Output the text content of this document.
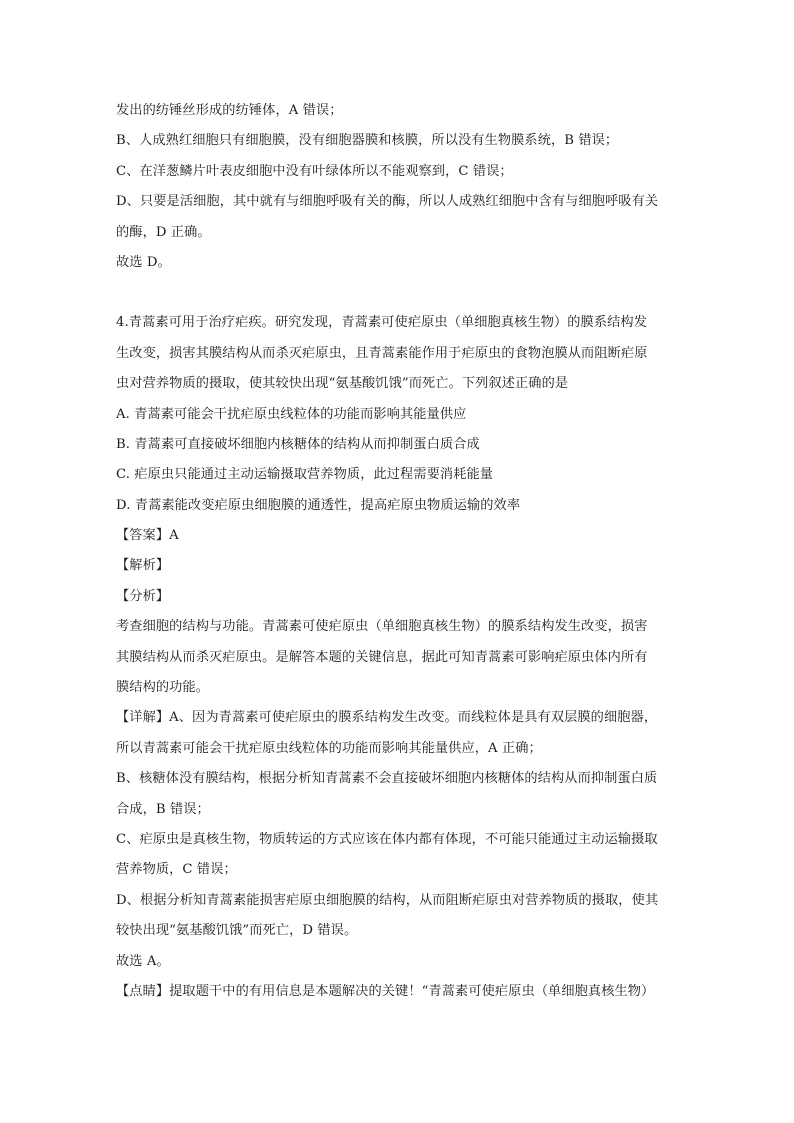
发出的纺锤丝形成的纺锤体，A 错误；
B、人成熟红细胞只有细胞膜，没有细胞器膜和核膜，所以没有生物膜系统，B 错误；
C、在洋葱鳞片叶表皮细胞中没有叶绿体所以不能观察到，C 错误；
D、只要是活细胞，其中就有与细胞呼吸有关的酶，所以人成熟红细胞中含有与细胞呼吸有关
的酶，D 正确。
故选 D。
4.青蒿素可用于治疗疟疾。研究发现，青蒿素可使疟原虫（单细胞真核生物）的膜系结构发
生改变，损害其膜结构从而杀灭疟原虫，且青蒿素能作用于疟原虫的食物泡膜从而阻断疟原
虫对营养物质的摄取，使其较快出现“氨基酸饥饿”而死亡。下列叙述正确的是
A. 青蒿素可能会干扰疟原虫线粒体的功能而影响其能量供应
B. 青蒿素可直接破坏细胞内核糖体的结构从而抑制蛋白质合成
C. 疟原虫只能通过主动运输摄取营养物质，此过程需要消耗能量
D. 青蒿素能改变疟原虫细胞膜的通透性，提高疟原虫物质运输的效率
【答案】A
【解析】
【分析】
考查细胞的结构与功能。青蒿素可使疟原虫（单细胞真核生物）的膜系结构发生改变，损害
其膜结构从而杀灭疟原虫。是解答本题的关键信息，据此可知青蒿素可影响疟原虫体内所有
膜结构的功能。
【详解】A、因为青蒿素可使疟原虫的膜系结构发生改变。而线粒体是具有双层膜的细胞器，
所以青蒿素可能会干扰疟原虫线粒体的功能而影响其能量供应，A 正确；
B、核糖体没有膜结构，根据分析知青蒿素不会直接破坏细胞内核糖体的结构从而抑制蛋白质
合成，B 错误；
C、疟原虫是真核生物，物质转运的方式应该在体内都有体现，不可能只能通过主动运输摄取
营养物质，C 错误；
D、根据分析知青蒿素能损害疟原虫细胞膜的结构，从而阻断疟原虫对营养物质的摄取，使其
较快出现“氨基酸饥饿”而死亡，D 错误。
故选 A。
【点睛】提取题干中的有用信息是本题解决的关键！“青蒿素可使疟原虫（单细胞真核生物）
